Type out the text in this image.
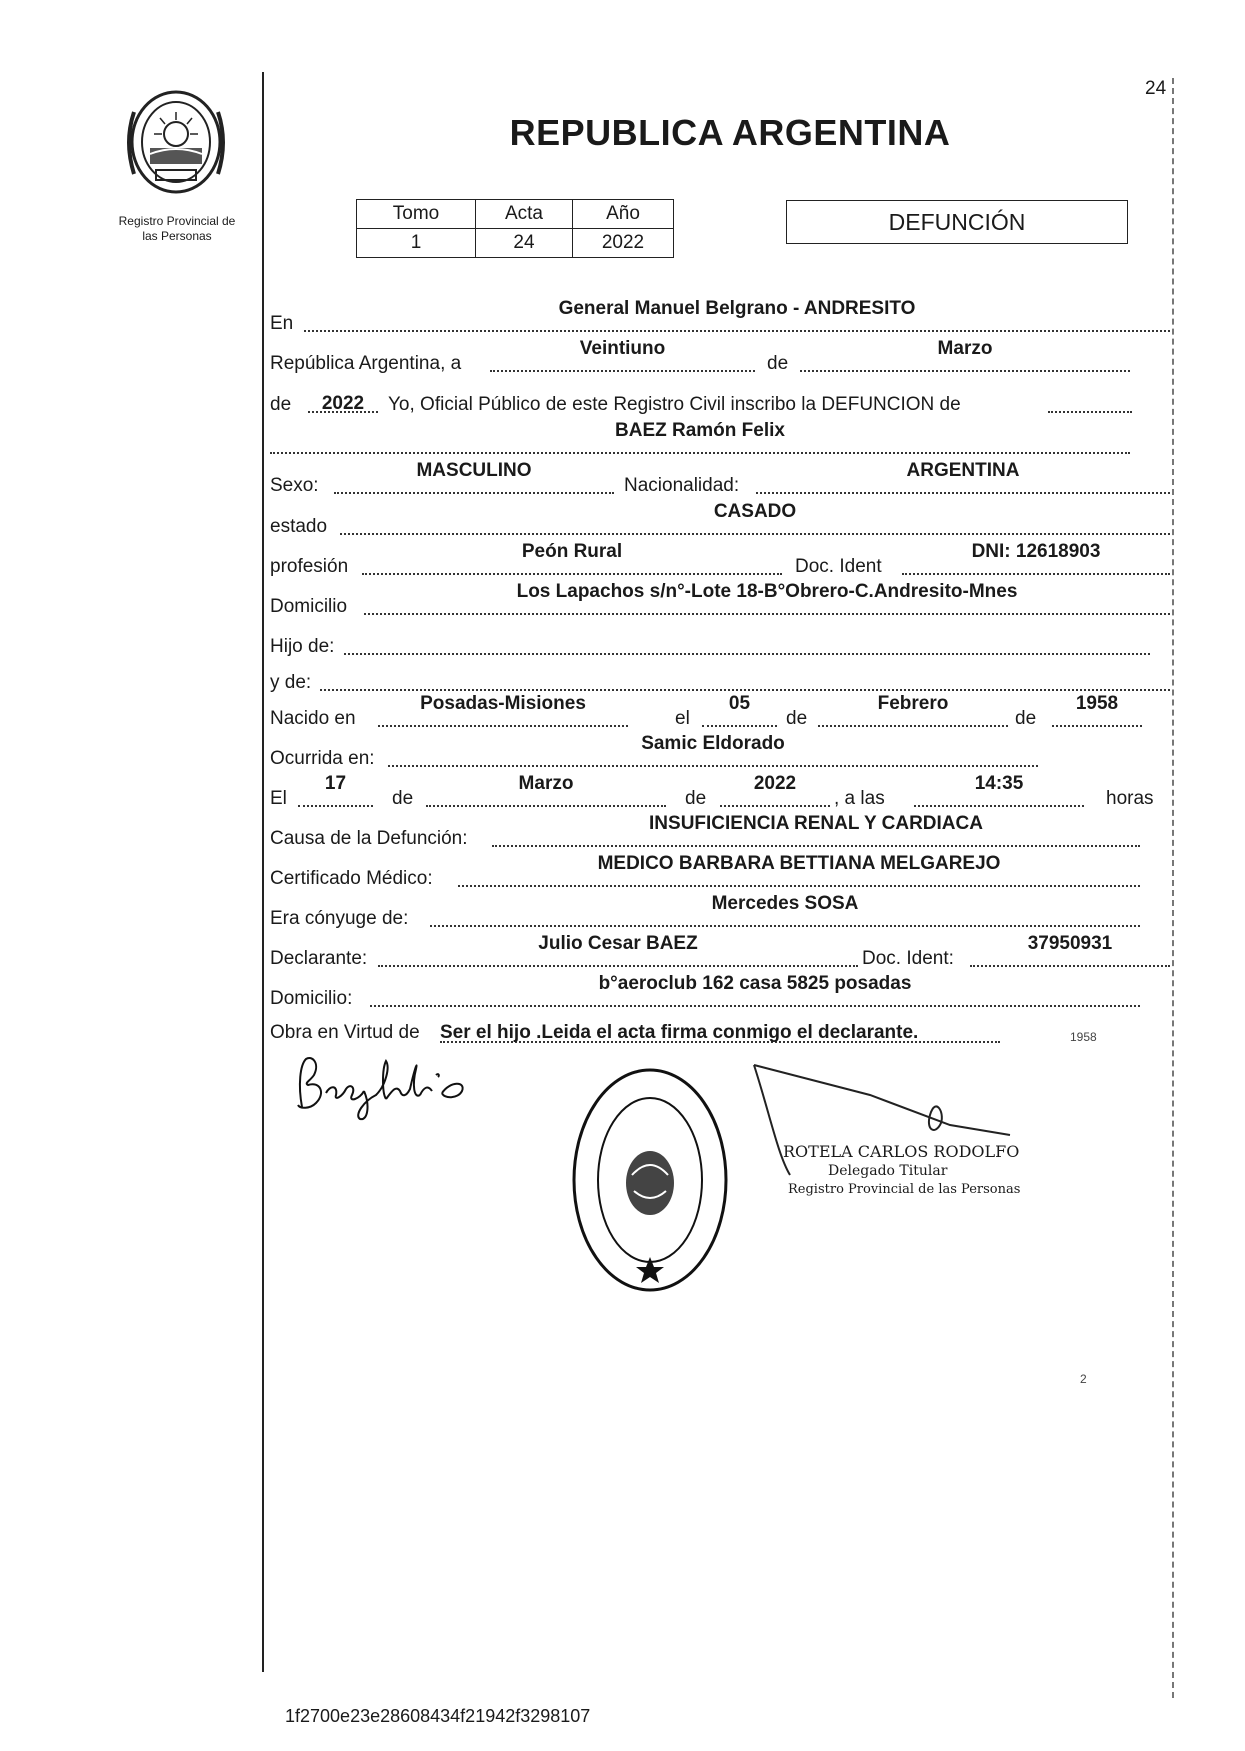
24
Registro Provincial de
las Personas
REPUBLICA ARGENTINA
Tomo	Acta	Año
1	24	2022
DEFUNCIÓN
En
General Manuel Belgrano - ANDRESITO
República Argentina, a
Veintiuno
de
Marzo
de	2022	Yo, Oficial Público de este Registro Civil inscribo la DEFUNCION de
BAEZ Ramón Felix
Sexo:
MASCULINO
Nacionalidad:
ARGENTINA
estado
CASADO
profesión
Peón Rural
Doc. Ident
DNI: 12618903
Domicilio
Los Lapachos s/n°-Lote 18-B°Obrero-C.Andresito-Mnes
Hijo de:
y de:
Nacido en
Posadas-Misiones
el
05
de
Febrero
de
1958
Ocurrida en:
Samic Eldorado
El
17
de
Marzo
de
2022
, a las
14:35
horas
Causa de la Defunción:
INSUFICIENCIA RENAL Y CARDIACA
Certificado Médico:
MEDICO BARBARA BETTIANA MELGAREJO
Era cónyuge de:
Mercedes SOSA
Declarante:
Julio Cesar BAEZ
Doc. Ident:
37950931
Domicilio:
b°aeroclub 162 casa 5825 posadas
Obra en Virtud de Ser el hijo .Leida el acta firma conmigo el declarante.	1958
2
ROTELA CARLOS RODOLFO
Delegado Titular
Registro Provincial de las Personas
1f2700e23e28608434f21942f3298107
